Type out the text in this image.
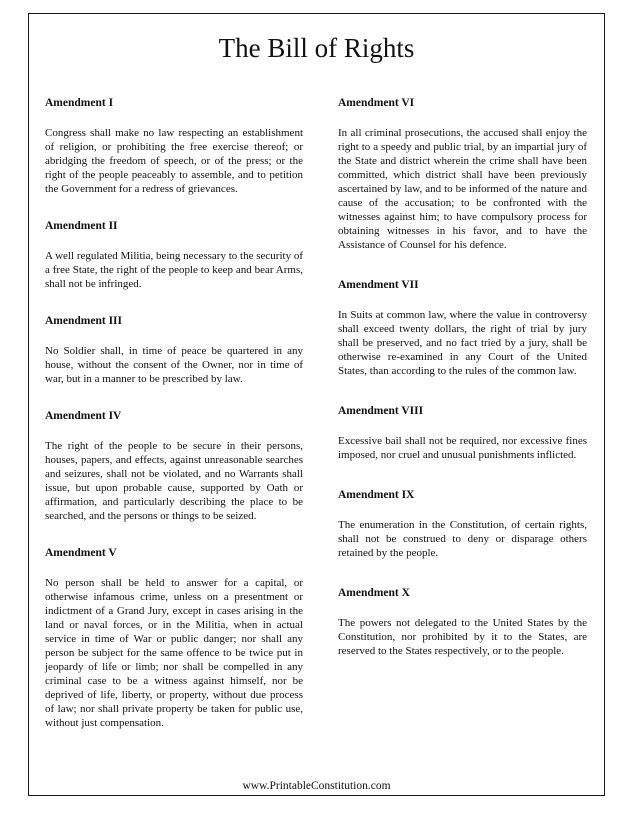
The Bill of Rights

Amendment I

Congress shall make no law respecting an establishment of religion, or prohibiting the free exercise thereof; or abridging the freedom of speech, or of the press; or the right of the people peaceably to assemble, and to petition the Government for a redress of grievances.

Amendment II

A well regulated Militia, being necessary to the security of a free State, the right of the people to keep and bear Arms, shall not be infringed.

Amendment III

No Soldier shall, in time of peace be quartered in any house, without the consent of the Owner, nor in time of war, but in a manner to be prescribed by law.

Amendment IV

The right of the people to be secure in their persons, houses, papers, and effects, against unreasonable searches and seizures, shall not be violated, and no Warrants shall issue, but upon probable cause, supported by Oath or affirmation, and particularly describing the place to be searched, and the persons or things to be seized.

Amendment V

No person shall be held to answer for a capital, or otherwise infamous crime, unless on a presentment or indictment of a Grand Jury, except in cases arising in the land or naval forces, or in the Militia, when in actual service in time of War or public danger; nor shall any person be subject for the same offence to be twice put in jeopardy of life or limb; nor shall be compelled in any criminal case to be a witness against himself, nor be deprived of life, liberty, or property, without due process of law; nor shall private property be taken for public use, without just compensation.

Amendment VI

In all criminal prosecutions, the accused shall enjoy the right to a speedy and public trial, by an impartial jury of the State and district wherein the crime shall have been committed, which district shall have been previously ascertained by law, and to be informed of the nature and cause of the accusation; to be confronted with the witnesses against him; to have compulsory process for obtaining witnesses in his favor, and to have the Assistance of Counsel for his defence.

Amendment VII

In Suits at common law, where the value in controversy shall exceed twenty dollars, the right of trial by jury shall be preserved, and no fact tried by a jury, shall be otherwise re-examined in any Court of the United States, than according to the rules of the common law.

Amendment VIII

Excessive bail shall not be required, nor excessive fines imposed, nor cruel and unusual punishments inflicted.

Amendment IX

The enumeration in the Constitution, of certain rights, shall not be construed to deny or disparage others retained by the people.

Amendment X

The powers not delegated to the United States by the Constitution, nor prohibited by it to the States, are reserved to the States respectively, or to the people.

www.PrintableConstitution.com
